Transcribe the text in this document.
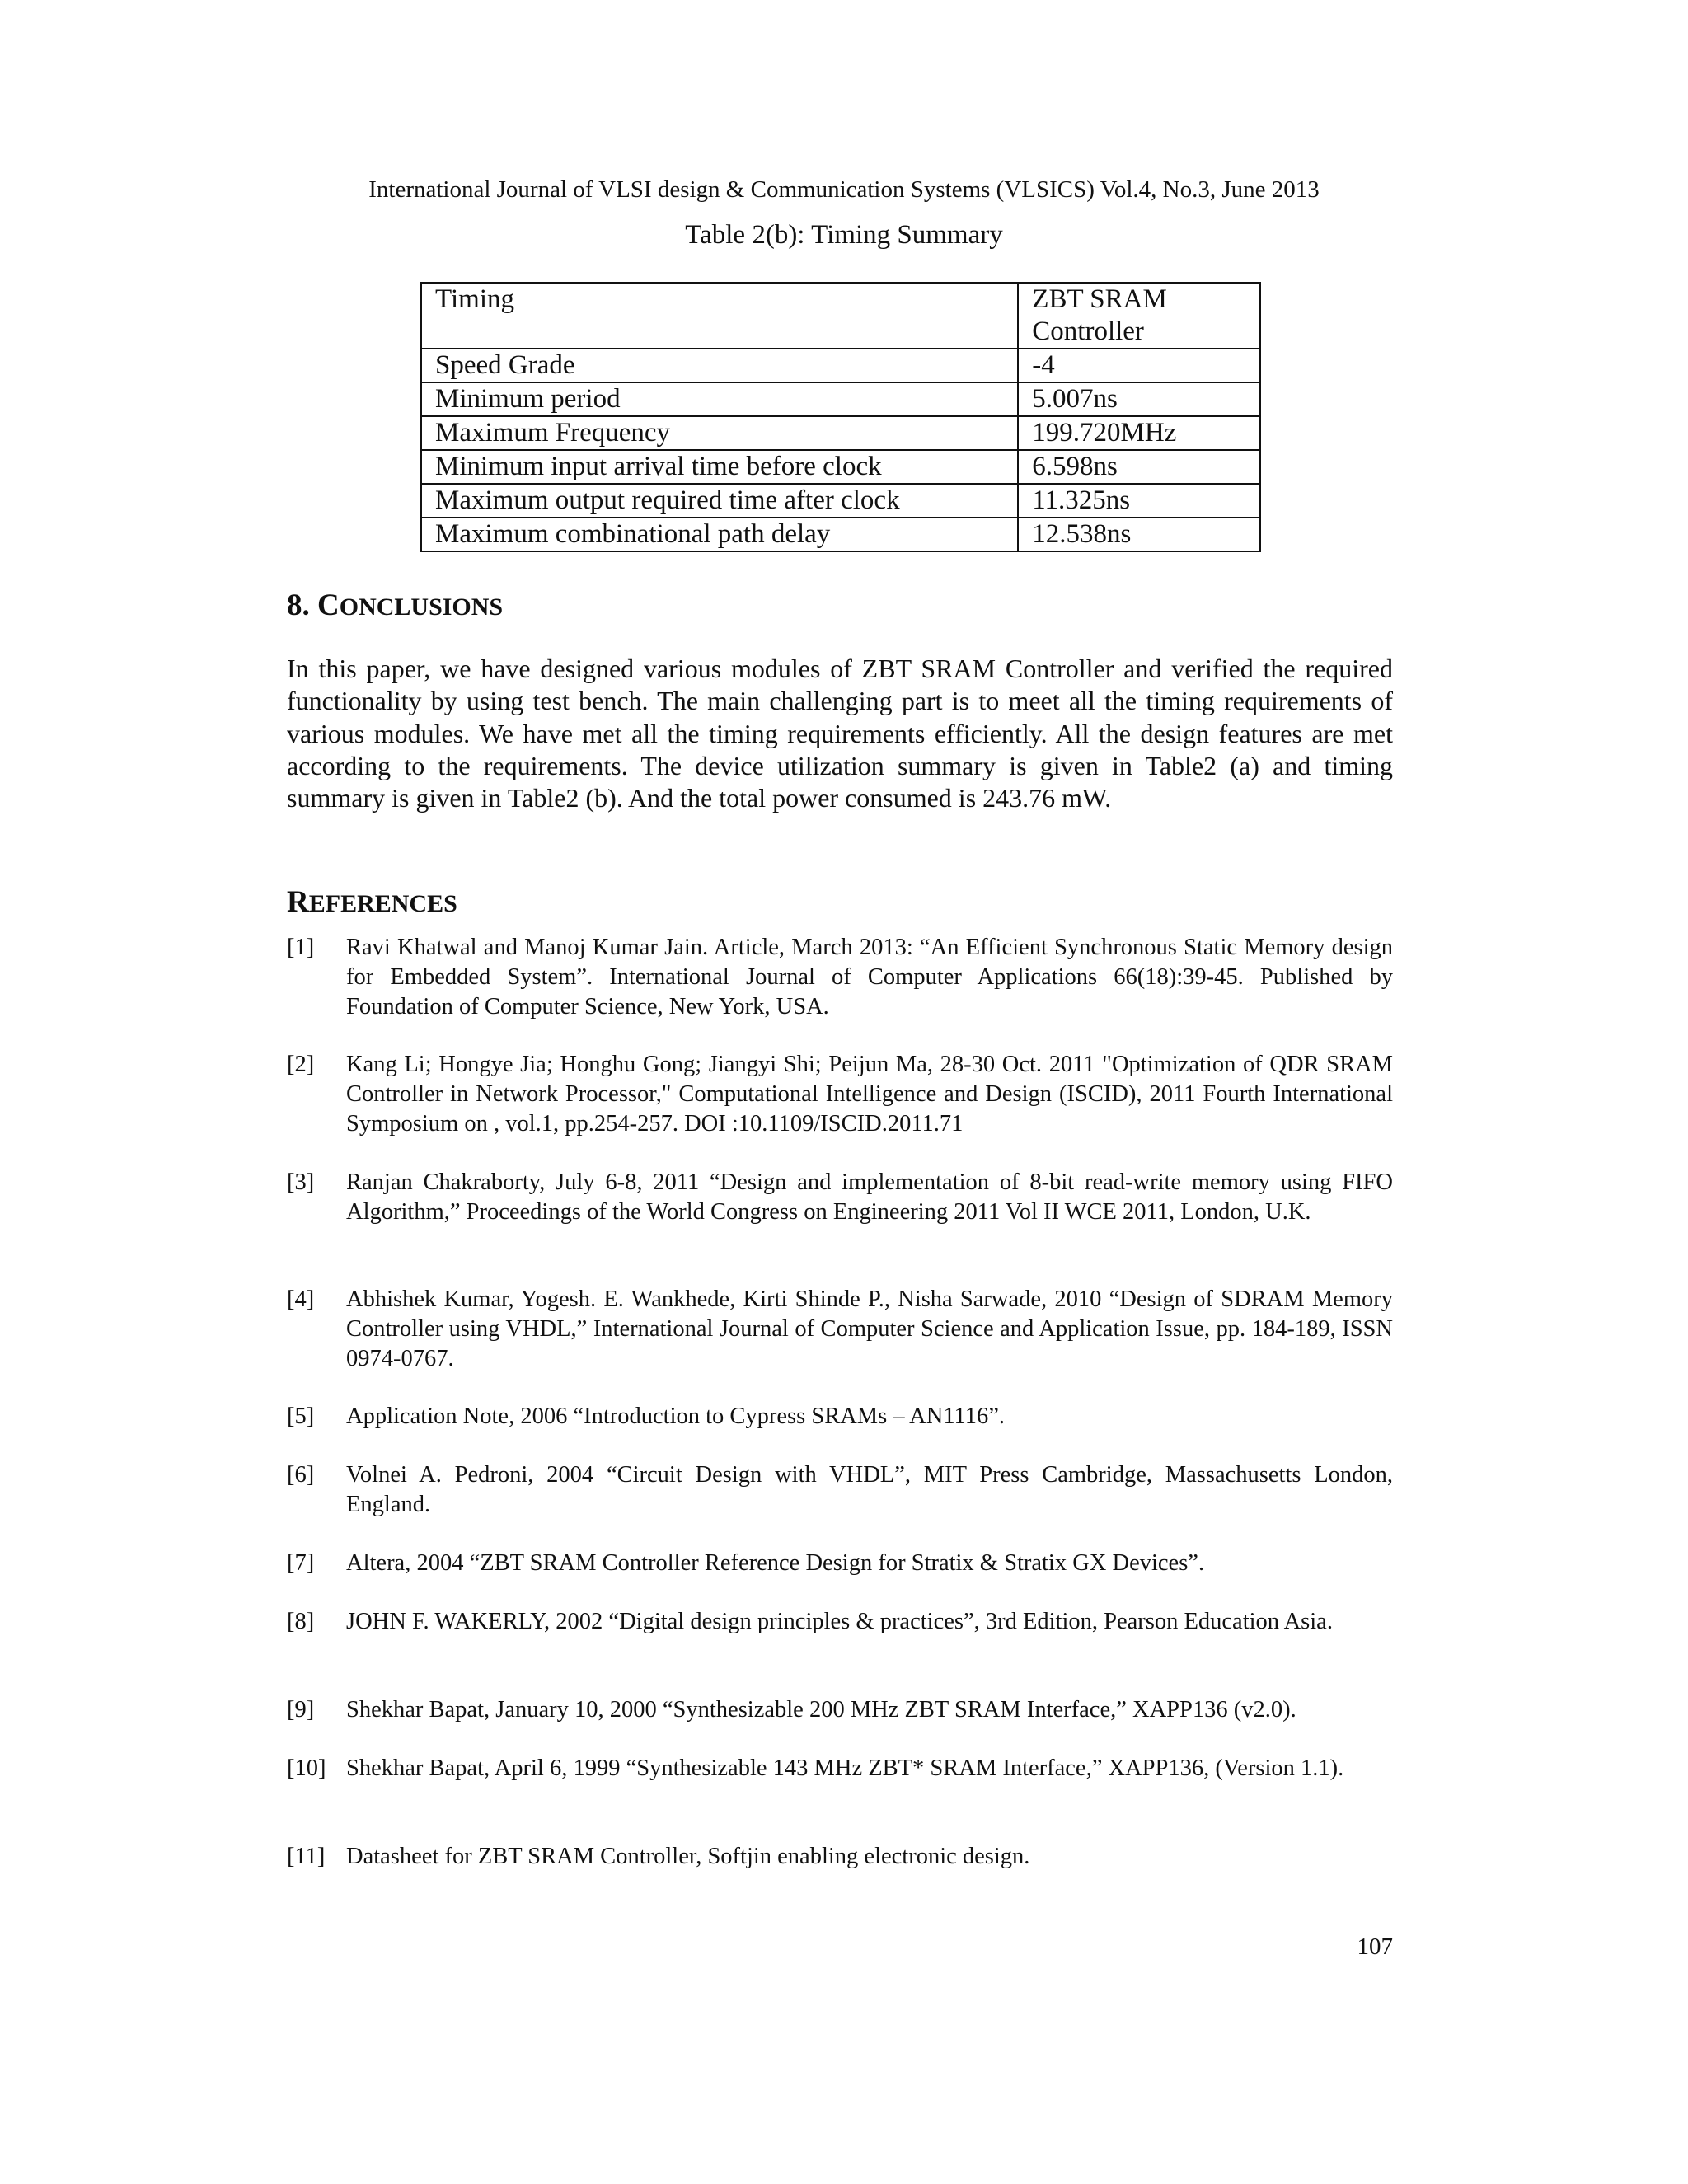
International Journal of VLSI design & Communication Systems (VLSICS) Vol.4, No.3, June 2013
Table 2(b): Timing Summary
Timing	ZBT SRAM Controller
Speed Grade	-4
Minimum period	5.007ns
Maximum Frequency	199.720MHz
Minimum input arrival time before clock	6.598ns
Maximum output required time after clock	11.325ns
Maximum combinational path delay	12.538ns
8. CONCLUSIONS

In this paper, we have designed various modules of ZBT SRAM Controller and verified the required functionality by using test bench. The main challenging part is to meet all the timing requirements of various modules. We have met all the timing requirements efficiently. All the design features are met according to the requirements. The device utilization summary is given in Table2 (a) and timing summary is given in Table2 (b). And the total power consumed is 243.76 mW.

REFERENCES
[1] Ravi Khatwal and Manoj Kumar Jain. Article, March 2013: “An Efficient Synchronous Static Memory design for Embedded System”. International Journal of Computer Applications 66(18):39-45. Published by Foundation of Computer Science, New York, USA.
[2] Kang Li; Hongye Jia; Honghu Gong; Jiangyi Shi; Peijun Ma, 28-30 Oct. 2011 "Optimization of QDR SRAM Controller in Network Processor," Computational Intelligence and Design (ISCID), 2011 Fourth International Symposium on , vol.1, pp.254-257. DOI :10.1109/ISCID.2011.71
[3] Ranjan Chakraborty, July 6-8, 2011 “Design and implementation of 8-bit read-write memory using FIFO Algorithm,” Proceedings of the World Congress on Engineering 2011 Vol II WCE 2011, London, U.K.
[4] Abhishek Kumar, Yogesh. E. Wankhede, Kirti Shinde P., Nisha Sarwade, 2010 “Design of SDRAM Memory Controller using VHDL,” International Journal of Computer Science and Application Issue, pp. 184-189, ISSN 0974-0767.
[5] Application Note, 2006 “Introduction to Cypress SRAMs – AN1116”.
[6] Volnei A. Pedroni, 2004 “Circuit Design with VHDL”, MIT Press Cambridge, Massachusetts London, England.
[7] Altera, 2004 “ZBT SRAM Controller Reference Design for Stratix & Stratix GX Devices”.
[8] JOHN F. WAKERLY, 2002 “Digital design principles & practices”, 3rd Edition, Pearson Education Asia.
[9] Shekhar Bapat, January 10, 2000 “Synthesizable 200 MHz ZBT SRAM Interface,” XAPP136 (v2.0).
[10] Shekhar Bapat, April 6, 1999 “Synthesizable 143 MHz ZBT* SRAM Interface,” XAPP136, (Version 1.1).
[11] Datasheet for ZBT SRAM Controller, Softjin enabling electronic design.
107
